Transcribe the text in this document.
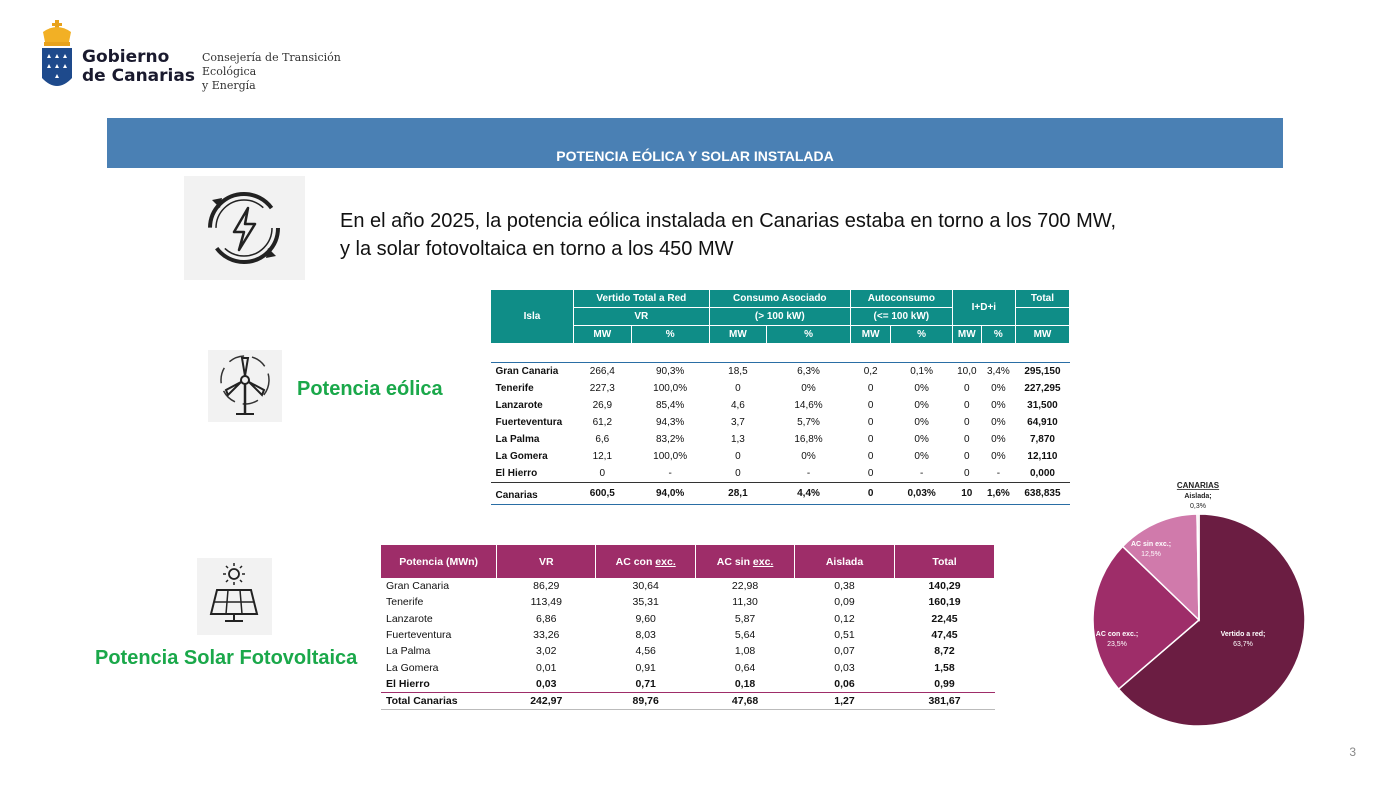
Gobierno
de Canarias
Consejería de Transición Ecológica
y Energía
POTENCIA EÓLICA Y SOLAR INSTALADA
En el año 2025, la potencia eólica instalada en Canarias estaba en torno a los 700 MW,
y la solar fotovoltaica en torno a los 450 MW
Potencia eólica
Isla	Vertido Total a Red		Consumo Asociado		Autoconsumo		I+D+i		Total
	VR		(> 100 kW)		(<= 100 kW)				
	MW	%	MW	%	MW	%	MW	%	MW

Gran Canaria	266,4	90,3%	18,5	6,3%	0,2	0,1%	10,0	3,4%	295,150
Tenerife	227,3	100,0%	0	0%	0	0%	0	0%	227,295
Lanzarote	26,9	85,4%	4,6	14,6%	0	0%	0	0%	31,500
Fuerteventura	61,2	94,3%	3,7	5,7%	0	0%	0	0%	64,910
La Palma	6,6	83,2%	1,3	16,8%	0	0%	0	0%	7,870
La Gomera	12,1	100,0%	0	0%	0	0%	0	0%	12,110
El Hierro	0	-	0	-	0	-	0	-	0,000
Canarias	600,5	94,0%	28,1	4,4%	0	0,03%	10	1,6%	638,835
Potencia Solar Fotovoltaica
Potencia (MWn)	VR	AC con exc.	AC sin exc.	Aislada	Total
Gran Canaria	86,29	30,64	22,98	0,38	140,29
Tenerife	113,49	35,31	11,30	0,09	160,19
Lanzarote	6,86	9,60	5,87	0,12	22,45
Fuerteventura	33,26	8,03	5,64	0,51	47,45
La Palma	3,02	4,56	1,08	0,07	8,72
La Gomera	0,01	0,91	0,64	0,03	1,58
El Hierro	0,03	0,71	0,18	0,06	0,99
Total Canarias	242,97	89,76	47,68	1,27	381,67
CANARIAS
Vertido a red;
63,7%
AC con exc.;
23,5%
AC sin exc.;
12,5%
Aislada;
0,3%
3
